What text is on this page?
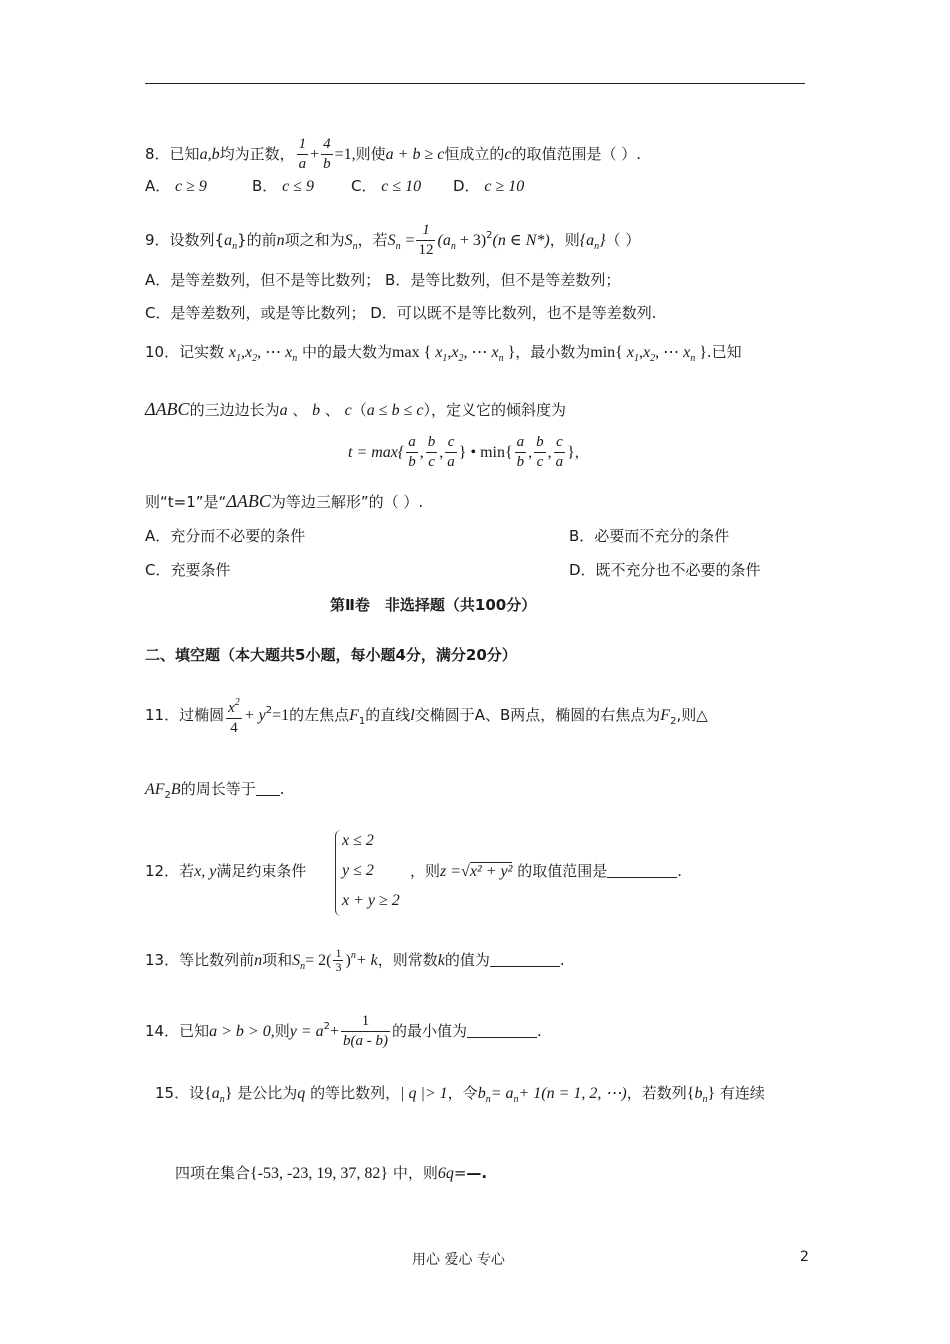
8．已知a,b均为正数， $\frac{1}{a} + \frac{4}{b} =1$,则使a + b ≥ c恒成立的c的取值范围是（ ）.
A． c ≥ 9	B． c ≤ 9 C． c ≤ 10 D． c ≥ 10
9．设数列$\{a_n\}$的前n项之和为$S_n$，若$S_n = \frac{1}{12} (a_n + 3)^2(n$ ∈ N*)，则$\{a_n\}$（ ）
A．是等差数列，但不是等比数列； B．是等比数列，但不是等差数列；
C．是等差数列，或是等比数列； D．可以既不是等比数列，也不是等差数列.
10．记实数 $x_1,x_2$, ⋯ $x_n$ 中的最大数为max { $x_1,x_2$, ⋯ $x_n$ }，最小数为min{ $x_1,x_2$, ⋯ $x_n$ }.已知
ΔABC的三边边长为a 、 b 、 c（a ≤ b ≤ c），定义它的倾斜度为
$t = \max\{ \frac{a}{b}$ , $\frac{b}{c}$ , $\frac{c}{a}$ } • $\min\{ \frac{a}{b}$ , $\frac{b}{c}$ , $\frac{c}{a}$ },
则“t=1”是“ΔABC为等边三解形”的（ ）.
A．充分而不必要的条件	B．必要而不充分的条件
C．充要条件	D．既不充分也不必要的条件
第Ⅱ卷　非选择题（共100分）
二、填空题（本大题共5小题，每小题4分，满分20分）
11．过椭圆 $\frac{x^2}{4} + y^2=1$的左焦点$F_1$的直线l交椭圆于A、B两点，椭圆的右焦点为$F_2$,则△
$AF_2B$的周长等于 .
12．若x, y满足约束条件
x ≤ 2
y ≤ 2
x + y ≥ 2
，则z =√x² + y² 的取值范围是	.
13．等比数列前n项和$S_n= 2( \frac{1}{3} )^n+ k$，则常数k的值为	.
14．已知a > b > 0,则$y = a^2+ \frac{1}{b(a - b)}$ 的最小值为	.
15．设$\{a_n\}$ 是公比为q 的等比数列，| q |> 1，令$b_n= a_n+ 1(n = 1$, 2, ⋯)，若数列$\{b_n\}$ 有连续
四项在集合{-53, -23, 19, 37, 82} 中，则6q=—.
用心 爱心 专心	2
